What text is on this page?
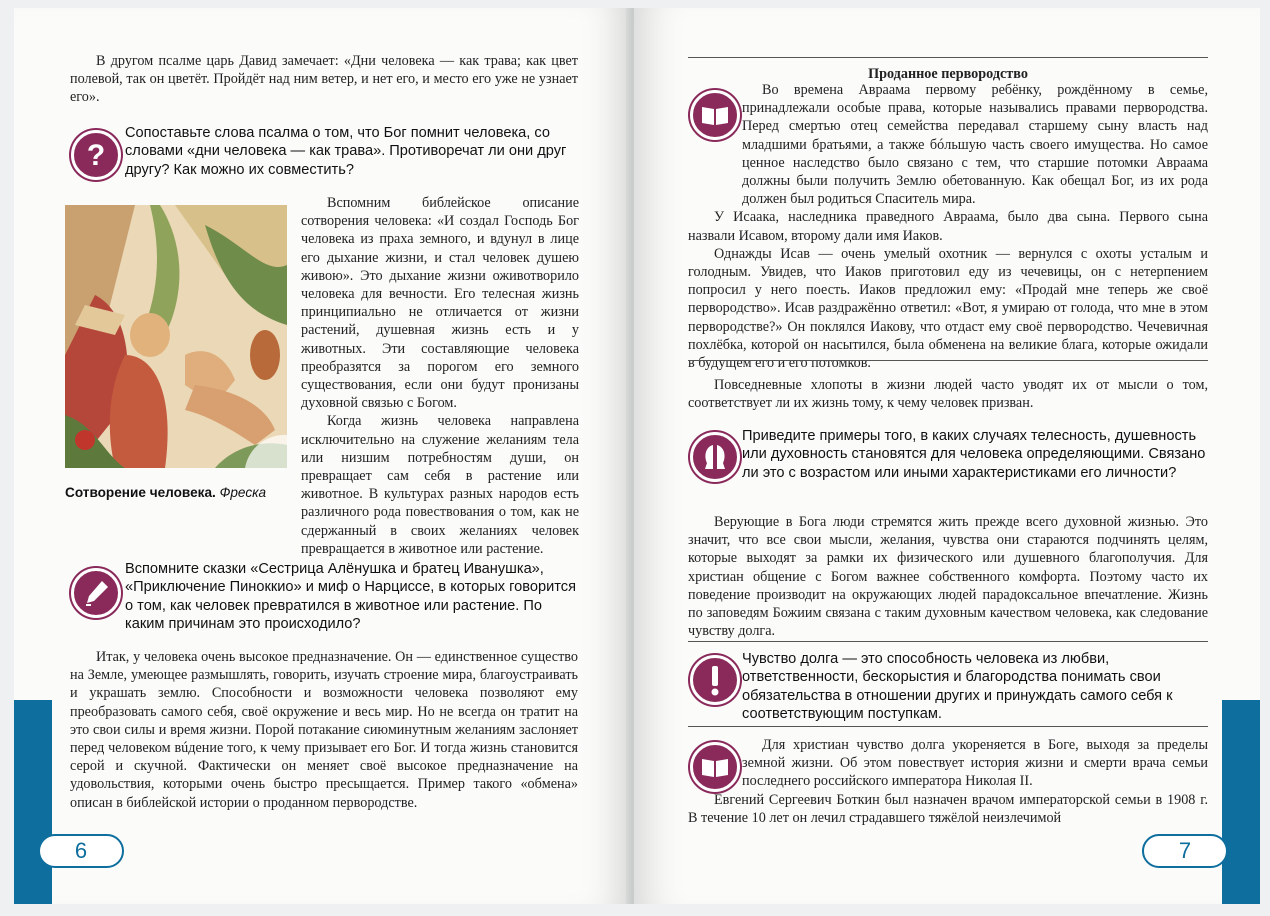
В другом псалме царь Давид замечает: «Дни человека — как трава; как цвет полевой, так он цветёт. Пройдёт над ним ветер, и нет его, и место его уже не узнает его».

?
Сопоставьте слова псалма о том, что Бог помнит человека, со словами «дни человека — как трава». Противоречат ли они друг другу? Как можно их совместить?

Вспомним библейское описание сотворения человека: «И создал Господь Бог человека из праха земного, и вдунул в лице его дыхание жизни, и стал человек душею живою». Это дыхание жизни оживотворило человека для вечности. Его телесная жизнь принципиально не отличается от жизни растений, душевная жизнь есть и у животных. Эти составляющие человека преобразятся за порогом его земного существования, если они будут пронизаны духовной связью с Богом.

Когда жизнь человека направлена исключительно на служение желаниям тела или низшим потребностям души, он превращает сам себя в растение или животное. В культурах разных народов есть различного рода повествования о том, как не сдержанный в своих желаниях человек превращается в животное или растение.

Сотворение человека. Фреска

Вспомните сказки «Сестрица Алёнушка и братец Иванушка», «Приключение Пиноккио» и миф о Нарциссе, в которых говорится о том, как человек превратился в животное или растение. По каким причинам это происходило?

Итак, у человека очень высокое предназначение. Он — единственное существо на Земле, умеющее размышлять, говорить, изучать строение мира, благоустраивать и украшать землю. Способности и возможности человека позволяют ему преобразовать самого себя, своё окружение и весь мир. Но не всегда он тратит на это свои силы и время жизни. Порой потакание сиюминутным желаниям заслоняет перед человеком вúдение того, к чему призывает его Бог. И тогда жизнь становится серой и скучной. Фактически он меняет своё высокое предназначение на удовольствия, которыми очень быстро пресыщается. Пример такого «обмена» описан в библейской истории о проданном первородстве.

6	7

Проданное первородство

Во времена Авраама первому ребёнку, рождённому в семье, принадлежали особые права, которые назывались правами первородства. Перед смертью отец семейства передавал старшему сыну власть над младшими братьями, а также бóльшую часть своего имущества. Но самое ценное наследство было связано с тем, что старшие потомки Авраама должны были получить Землю обетованную. Как обещал Бог, из их рода должен был родиться Спаситель мира.

У Исаака, наследника праведного Авраама, было два сына. Первого сына назвали Исавом, второму дали имя Иаков.

Однажды Исав — очень умелый охотник — вернулся с охоты усталым и голодным. Увидев, что Иаков приготовил еду из чечевицы, он с нетерпением попросил у него поесть. Иаков предложил ему: «Продай мне теперь же своё первородство». Исав раздражённо ответил: «Вот, я умираю от голода, что мне в этом первородстве?» Он поклялся Иакову, что отдаст ему своё первородство. Чечевичная похлёбка, которой он насытился, была обменена на великие блага, которые ожидали в будущем его и его потомков.

Повседневные хлопоты в жизни людей часто уводят их от мысли о том, соответствует ли их жизнь тому, к чему человек призван.

Приведите примеры того, в каких случаях телесность, душевность или духовность становятся для человека определяющими. Связано ли это с возрастом или иными характеристиками его личности?

Верующие в Бога люди стремятся жить прежде всего духовной жизнью. Это значит, что все свои мысли, желания, чувства они стараются подчинять целям, которые выходят за рамки их физического или душевного благополучия. Для христиан общение с Богом важнее собственного комфорта. Поэтому часто их поведение производит на окружающих людей парадоксальное впечатление. Жизнь по заповедям Божиим связана с таким духовным качеством человека, как следование чувству долга.

Чувство долга — это способность человека из любви, ответственности, бескорыстия и благородства понимать свои обязательства в отношении других и принуждать самого себя к соответствующим поступкам.

Для христиан чувство долга укореняется в Боге, выходя за пределы земной жизни. Об этом повествует история жизни и смерти врача семьи последнего российского императора Николая II.

Евгений Сергеевич Боткин был назначен врачом императорской семьи в 1908 г. В течение 10 лет он лечил страдавшего тяжёлой неизлечимой
